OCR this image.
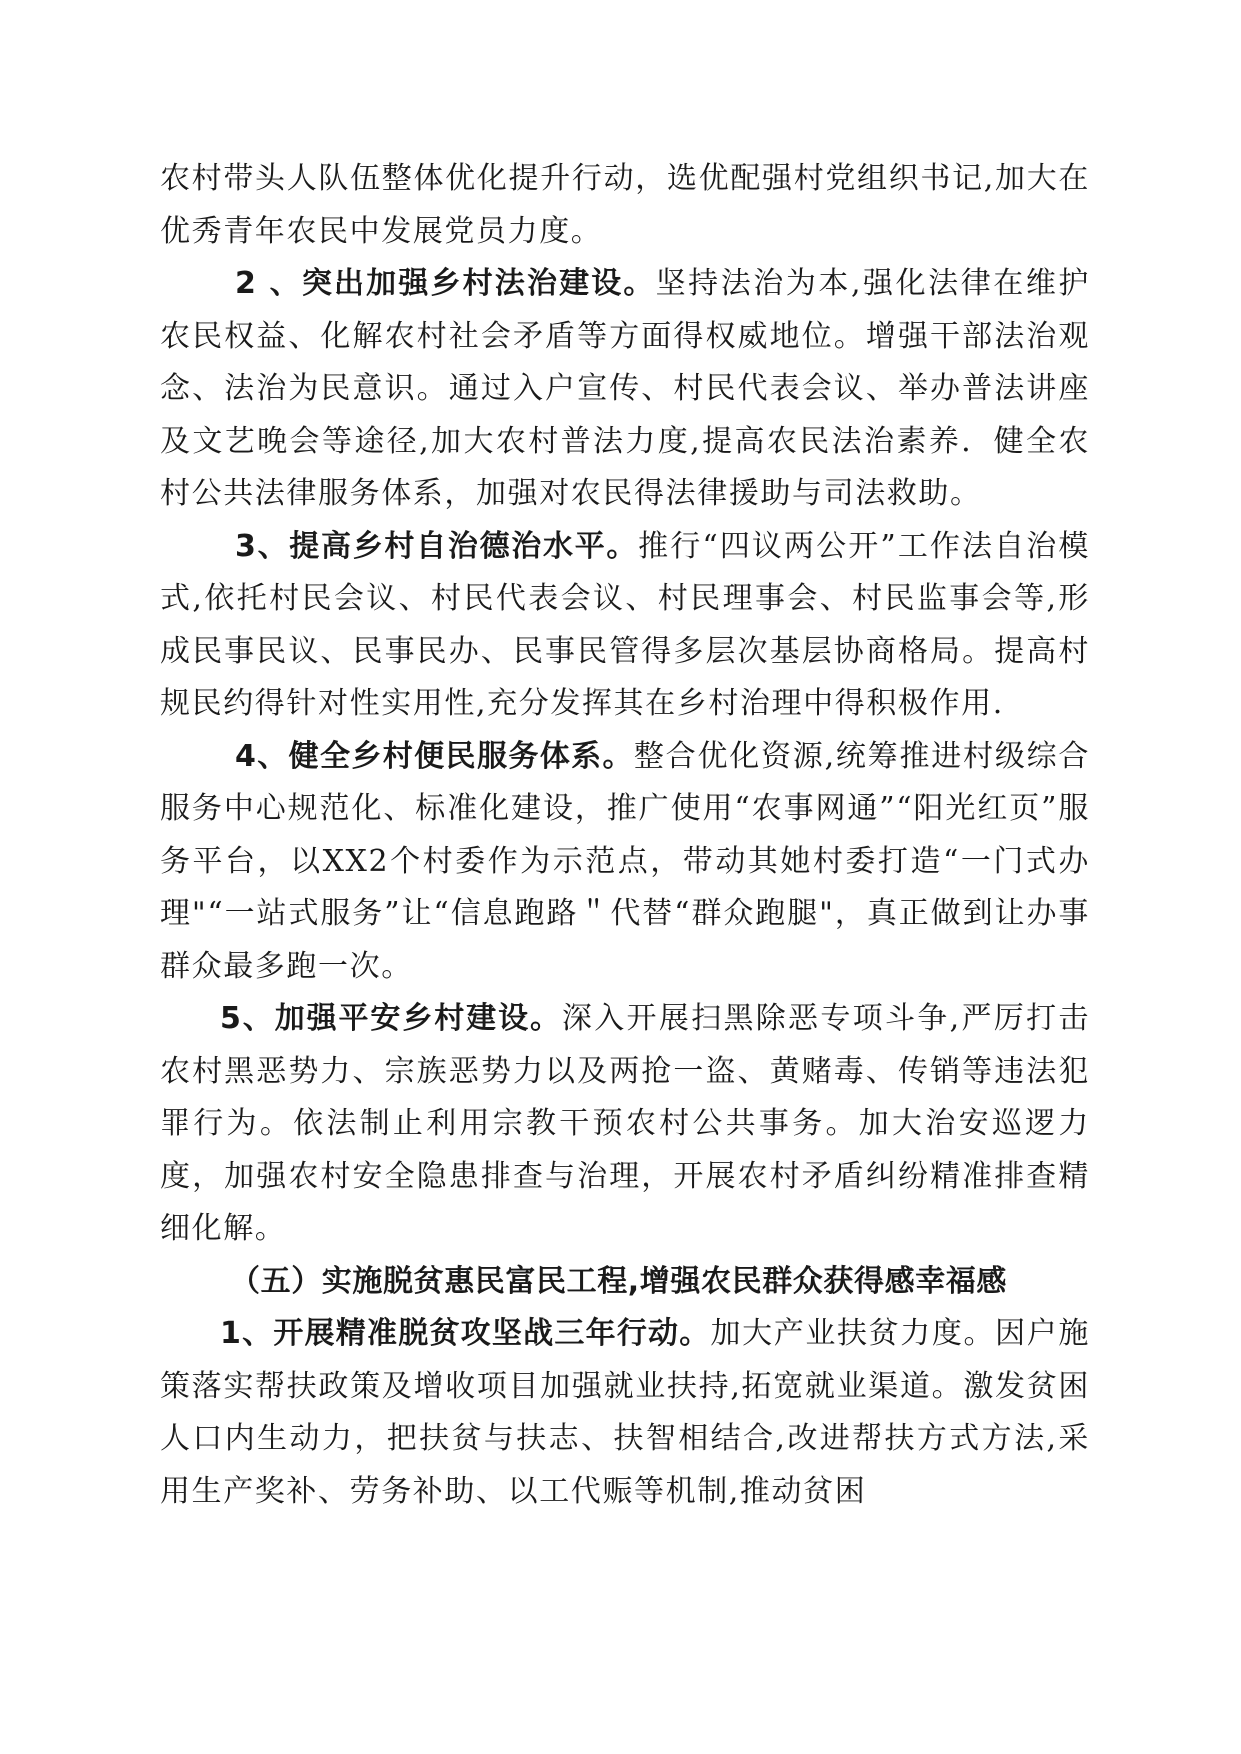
农村带头人队伍整体优化提升行动，选优配强村党组织书记,加大在优秀青年农民中发展党员力度。

2 、突出加强乡村法治建设。坚持法治为本,强化法律在维护农民权益、化解农村社会矛盾等方面得权威地位。增强干部法治观念、法治为民意识。通过入户宣传、村民代表会议、举办普法讲座及文艺晚会等途径,加大农村普法力度,提高农民法治素养．健全农村公共法律服务体系，加强对农民得法律援助与司法救助。

3、提高乡村自治德治水平。推行“四议两公开”工作法自治模式,依托村民会议、村民代表会议、村民理事会、村民监事会等,形成民事民议、民事民办、民事民管得多层次基层协商格局。提高村规民约得针对性实用性,充分发挥其在乡村治理中得积极作用.

4、健全乡村便民服务体系。整合优化资源,统筹推进村级综合服务中心规范化、标准化建设，推广使用“农事网通”“阳光红页”服务平台，以XX2个村委作为示范点，带动其她村委打造“一门式办理"“一站式服务”让“信息跑路＂代替“群众跑腿"，真正做到让办事群众最多跑一次。

5、加强平安乡村建设。深入开展扫黑除恶专项斗争,严厉打击农村黑恶势力、宗族恶势力以及两抢一盗、黄赌毒、传销等违法犯罪行为。依法制止利用宗教干预农村公共事务。加大治安巡逻力度，加强农村安全隐患排查与治理，开展农村矛盾纠纷精准排查精细化解。

（五）实施脱贫惠民富民工程,增强农民群众获得感幸福感

1、开展精准脱贫攻坚战三年行动。加大产业扶贫力度。因户施策落实帮扶政策及增收项目加强就业扶持,拓宽就业渠道。激发贫困人口内生动力，把扶贫与扶志、扶智相结合,改进帮扶方式方法,采用生产奖补、劳务补助、以工代赈等机制,推动贫困
